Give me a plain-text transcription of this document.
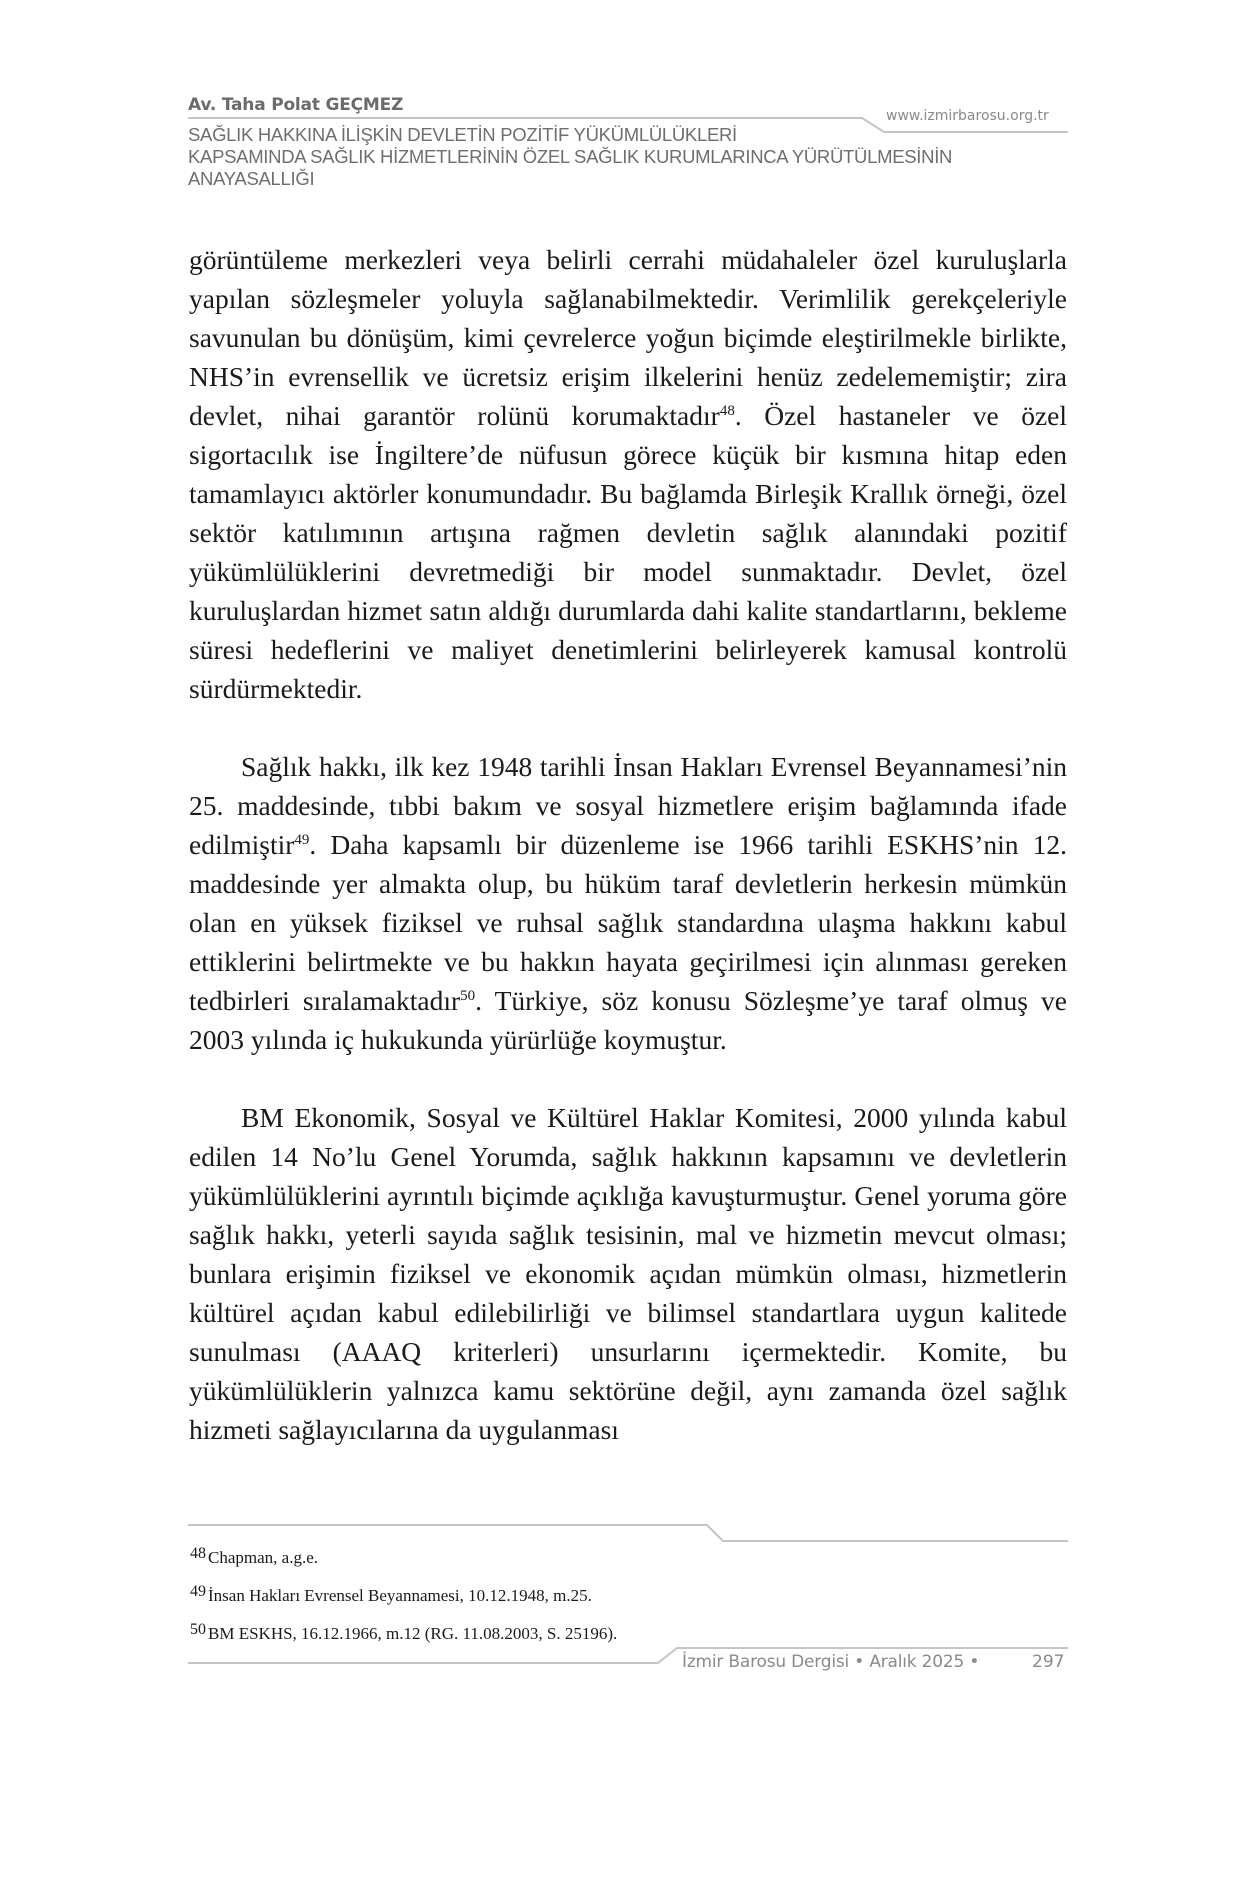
Av. Taha Polat GEÇMEZ
www.izmirbarosu.org.tr
SAĞLIK HAKKINA İLİŞKİN DEVLETİN POZİTİF YÜKÜMLÜLÜKLERİ
KAPSAMINDA SAĞLIK HİZMETLERİNİN ÖZEL SAĞLIK KURUMLARINCA YÜRÜTÜLMESİNİN
ANAYASALLIĞI

görüntüleme merkezleri veya belirli cerrahi müdahaleler özel kuruluşlarla yapılan sözleşmeler yoluyla sağlanabilmektedir. Verimlilik gerekçeleriyle savunulan bu dönüşüm, kimi çevrelerce yoğun biçimde eleştirilmekle birlikte, NHS’in evrensellik ve ücretsiz erişim ilkelerini henüz zedelememiştir; zira devlet, nihai garantör rolünü korumaktadır$^{48}$. Özel hastaneler ve özel sigortacılık ise İngiltere’de nüfusun görece küçük bir kısmına hitap eden tamamlayıcı aktörler konumundadır. Bu bağlamda Birleşik Krallık örneği, özel sektör katılımının artışına rağmen devletin sağlık alanındaki pozitif yükümlülüklerini devretmediği bir model sunmaktadır. Devlet, özel kuruluşlardan hizmet satın aldığı durumlarda dahi kalite standartlarını, bekleme süresi hedeflerini ve maliyet denetimlerini belirleyerek kamusal kontrolü sürdürmektedir.

Sağlık hakkı, ilk kez 1948 tarihli İnsan Hakları Evrensel Beyannamesi’nin 25. maddesinde, tıbbi bakım ve sosyal hizmetlere erişim bağlamında ifade edilmiştir$^{49}$. Daha kapsamlı bir düzenleme ise 1966 tarihli ESKHS’nin 12. maddesinde yer almakta olup, bu hüküm taraf devletlerin herkesin mümkün olan en yüksek fiziksel ve ruhsal sağlık standardına ulaşma hakkını kabul ettiklerini belirtmekte ve bu hakkın hayata geçirilmesi için alınması gereken tedbirleri sıralamaktadır$^{50}$. Türkiye, söz konusu Sözleşme’ye taraf olmuş ve 2003 yılında iç hukukunda yürürlüğe koymuştur.

BM Ekonomik, Sosyal ve Kültürel Haklar Komitesi, 2000 yılında kabul edilen 14 No’lu Genel Yorumda, sağlık hakkının kapsamını ve devletlerin yükümlülüklerini ayrıntılı biçimde açıklığa kavuşturmuştur. Genel yoruma göre sağlık hakkı, yeterli sayıda sağlık tesisinin, mal ve hizmetin mevcut olması; bunlara erişimin fiziksel ve ekonomik açıdan mümkün olması, hizmetlerin kültürel açıdan kabul edilebilirliği ve bilimsel standartlara uygun kalitede sunulması (AAAQ kriterleri) unsurlarını içermektedir. Komite, bu yükümlülüklerin yalnızca kamu sektörüne değil, aynı zamanda özel sağlık hizmeti sağlayıcılarına da uygulanması

48 Chapman, a.g.e.
49 İnsan Hakları Evrensel Beyannamesi, 10.12.1948, m.25.
50 BM ESKHS, 16.12.1966, m.12 (RG. 11.08.2003, S. 25196).
İzmir Barosu Dergisi • Aralık 2025 •	297
